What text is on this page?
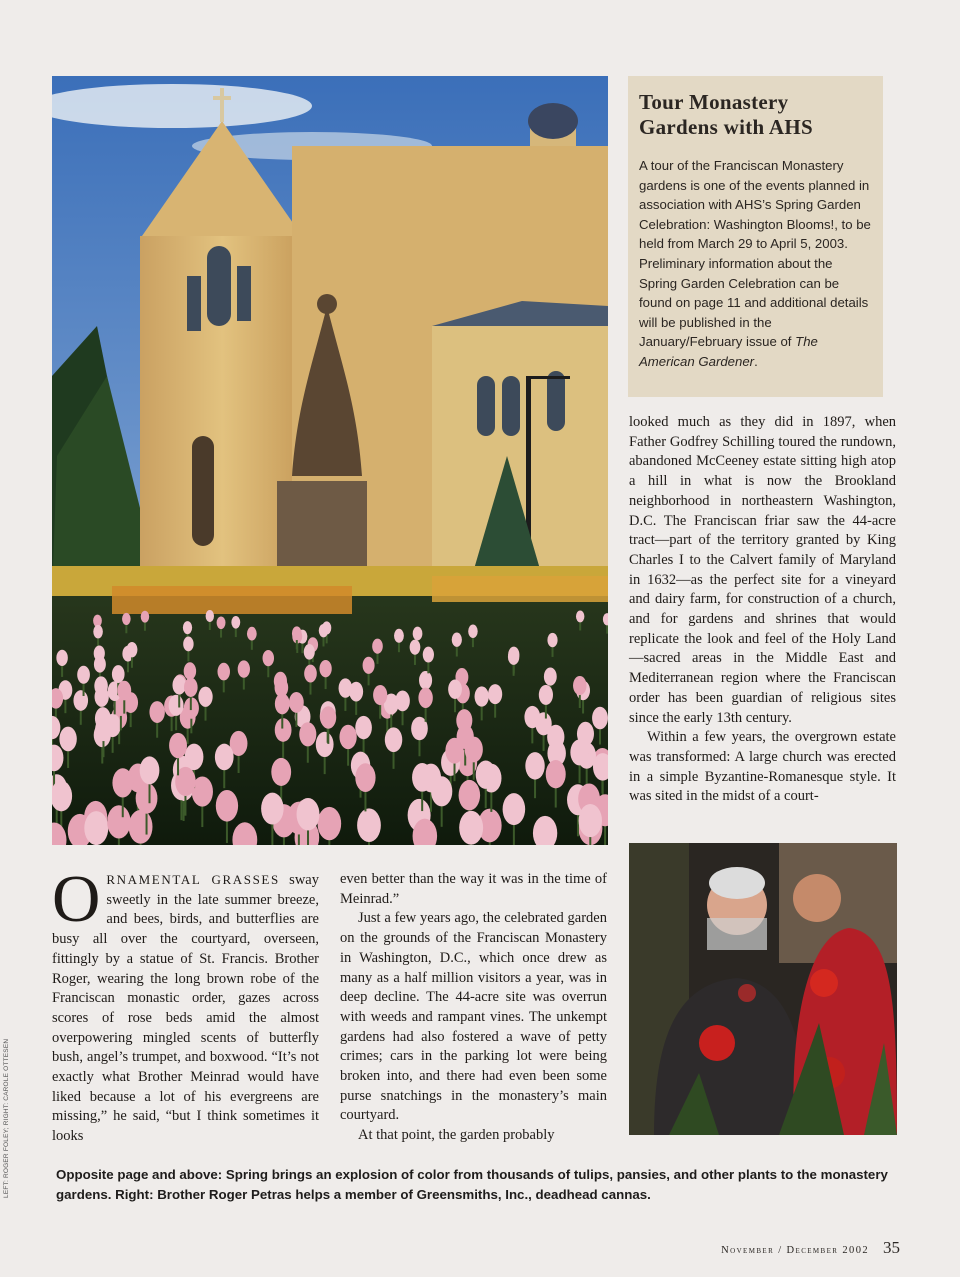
Tour Monastery Gardens with AHS

A tour of the Franciscan Monastery gardens is one of the events planned in association with AHS’s Spring Garden Celebration: Washington Blooms!, to be held from March 29 to April 5, 2003. Preliminary information about the Spring Garden Celebration can be found on page 11 and additional details will be published in the January/February issue of The American Gardener.

looked much as they did in 1897, when Father Godfrey Schilling toured the rundown, abandoned McCeeney estate sitting high atop a hill in what is now the Brookland neighborhood in northeastern Washington, D.C. The Franciscan friar saw the 44-acre tract—part of the territory granted by King Charles I to the Calvert family of Maryland in 1632—as the perfect site for a vineyard and dairy farm, for construction of a church, and for gardens and shrines that would replicate the look and feel of the Holy Land—sacred areas in the Middle East and Mediterranean region where the Franciscan order has been guardian of religious sites since the early 13th century.

Within a few years, the overgrown estate was transformed: A large church was erected in a simple Byzantine-Romanesque style. It was sited in the midst of a court-

ORNAMENTAL GRASSES sway sweetly in the late summer breeze, and bees, birds, and butterflies are busy all over the courtyard, overseen, fittingly by a statue of St. Francis. Brother Roger, wearing the long brown robe of the Franciscan monastic order, gazes across scores of rose beds amid the almost overpowering mingled scents of butterfly bush, angel’s trumpet, and boxwood. “It’s not exactly what Brother Meinrad would have liked because a lot of his evergreens are missing,” he said, “but I think sometimes it looks

even better than the way it was in the time of Meinrad.”

Just a few years ago, the celebrated garden on the grounds of the Franciscan Monastery in Washington, D.C., which once drew as many as a half million visitors a year, was in deep decline. The 44-acre site was overrun with weeds and rampant vines. The unkempt gardens had also fostered a wave of petty crimes; cars in the parking lot were being broken into, and there had even been some purse snatchings in the monastery’s main courtyard.

At that point, the garden probably

Opposite page and above: Spring brings an explosion of color from thousands of tulips, pansies, and other plants to the monastery gardens. Right: Brother Roger Petras helps a member of Greensmiths, Inc., deadhead cannas.
LEFT: ROGER FOLEY; RIGHT: CAROLE OTTESEN
November / December 2002 35
